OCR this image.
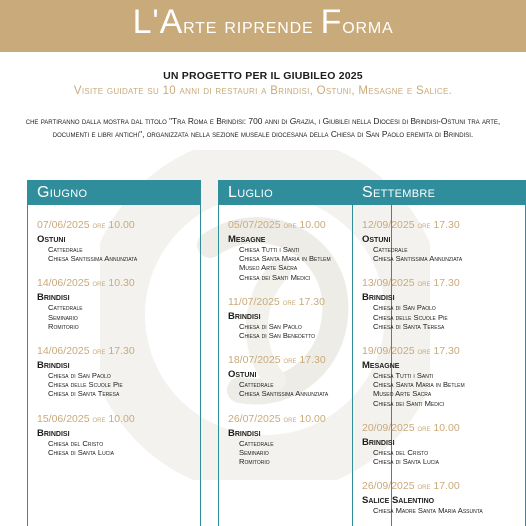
L'Arte riprende Forma
UN PROGETTO PER IL GIUBILEO 2025
Visite guidate su 10 anni di restauri a Brindisi, Ostuni, Mesagne e Salice.

che partiranno dalla mostra dal titolo "Tra Roma e Brindisi: 700 anni di Grazia, i Giubilei nella Diocesi di Brindisi-Ostuni tra arte, documenti e libri antichi", organizzata nella sezione museale diocesana della Chiesa di San Paolo eremita di Brindisi.

Giugno
07/06/2025 ore 10.00
Ostuni
Cattedrale
Chiesa Santissima Annunziata
14/06/2025 ore 10.30
Brindisi
Cattedrale
Seminario
Romitorio
14/06/2025 ore 17.30
Brindisi
Chiesa di San Paolo
Chiesa delle Scuole Pie
Chiesa di Santa Teresa
15/06/2025 ore 10.00
Brindisi
Chiesa del Cristo
Chiesa di Santa Lucia
Luglio
05/07/2025 ore 10.00
Mesagne
Chiesa Tutti i Santi
Chiesa Santa Maria in Betlem
Museo Arte Sacra
Chiesa dei Santi Medici
11/07/2025 ore 17.30
Brindisi
Chiesa di San Paolo
Chiesa di San Benedetto
18/07/2025 ore 17.30
Ostuni
Cattedrale
Chiesa Santissima Annunziata
26/07/2025 ore 10.00
Brindisi
Cattedrale
Seminario
Romitorio
Settembre
12/09/2025 ore 17.30
Ostuni
Cattedrale
Chiesa Santissima Annunziata
13/09/2025 ore 17.30
Brindisi
Chiesa di San Paolo
Chiesa delle Scuole Pie
Chiesa di Santa Teresa
19/09/2025 ore 17.30
Mesagne
Chiesa Tutti i Santi
Chiesa Santa Maria in Betlem
Museo Arte Sacra
Chiesa dei Santi Medici
20/09/2025 ore 10.00
Brindisi
Chiesa del Cristo
Chiesa di Santa Lucia
26/09/2025 ore 17.00
Salice Salentino
Chiesa Madre Santa Maria Assunta
